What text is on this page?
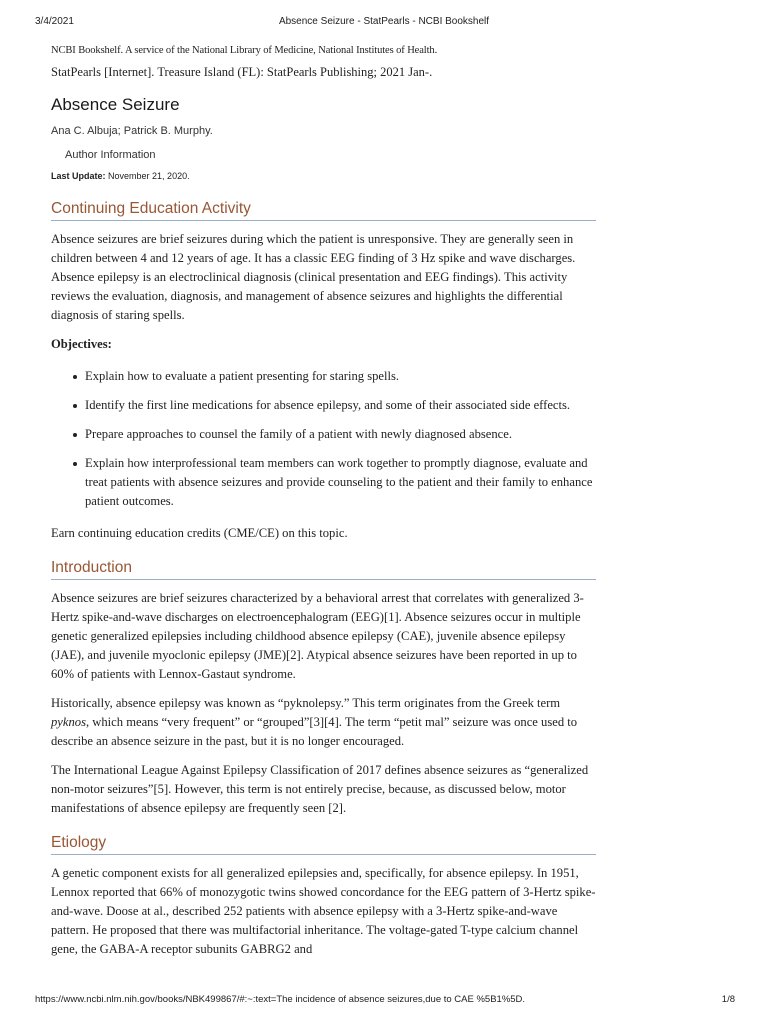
3/4/2021	Absence Seizure - StatPearls - NCBI Bookshelf

NCBI Bookshelf. A service of the National Library of Medicine, National Institutes of Health.

StatPearls [Internet]. Treasure Island (FL): StatPearls Publishing; 2021 Jan-.

Absence Seizure

Ana C. Albuja; Patrick B. Murphy.

Author Information

Last Update: November 21, 2020.

Continuing Education Activity

Absence seizures are brief seizures during which the patient is unresponsive. They are generally seen in children between 4 and 12 years of age. It has a classic EEG finding of 3 Hz spike and wave discharges. Absence epilepsy is an electroclinical diagnosis (clinical presentation and EEG findings). This activity reviews the evaluation, diagnosis, and management of absence seizures and highlights the differential diagnosis of staring spells.

Objectives:

Explain how to evaluate a patient presenting for staring spells.
Identify the first line medications for absence epilepsy, and some of their associated side effects.
Prepare approaches to counsel the family of a patient with newly diagnosed absence.
Explain how interprofessional team members can work together to promptly diagnose, evaluate and treat patients with absence seizures and provide counseling to the patient and their family to enhance patient outcomes.

Earn continuing education credits (CME/CE) on this topic.

Introduction

Absence seizures are brief seizures characterized by a behavioral arrest that correlates with generalized 3-Hertz spike-and-wave discharges on electroencephalogram (EEG)[1]. Absence seizures occur in multiple genetic generalized epilepsies including childhood absence epilepsy (CAE), juvenile absence epilepsy (JAE), and juvenile myoclonic epilepsy (JME)[2]. Atypical absence seizures have been reported in up to 60% of patients with Lennox-Gastaut syndrome.

Historically, absence epilepsy was known as “pyknolepsy.” This term originates from the Greek term pyknos, which means “very frequent” or “grouped”[3][4]. The term “petit mal” seizure was once used to describe an absence seizure in the past, but it is no longer encouraged.

The International League Against Epilepsy Classification of 2017 defines absence seizures as “generalized non-motor seizures”[5]. However, this term is not entirely precise, because, as discussed below, motor manifestations of absence epilepsy are frequently seen [2].

Etiology

A genetic component exists for all generalized epilepsies and, specifically, for absence epilepsy. In 1951, Lennox reported that 66% of monozygotic twins showed concordance for the EEG pattern of 3-Hertz spike-and-wave. Doose at al., described 252 patients with absence epilepsy with a 3-Hertz spike-and-wave pattern. He proposed that there was multifactorial inheritance. The voltage-gated T-type calcium channel gene, the GABA-A receptor subunits GABRG2 and

https://www.ncbi.nlm.nih.gov/books/NBK499867/#:~:text=The incidence of absence seizures,due to CAE %5B1%5D.	1/8
